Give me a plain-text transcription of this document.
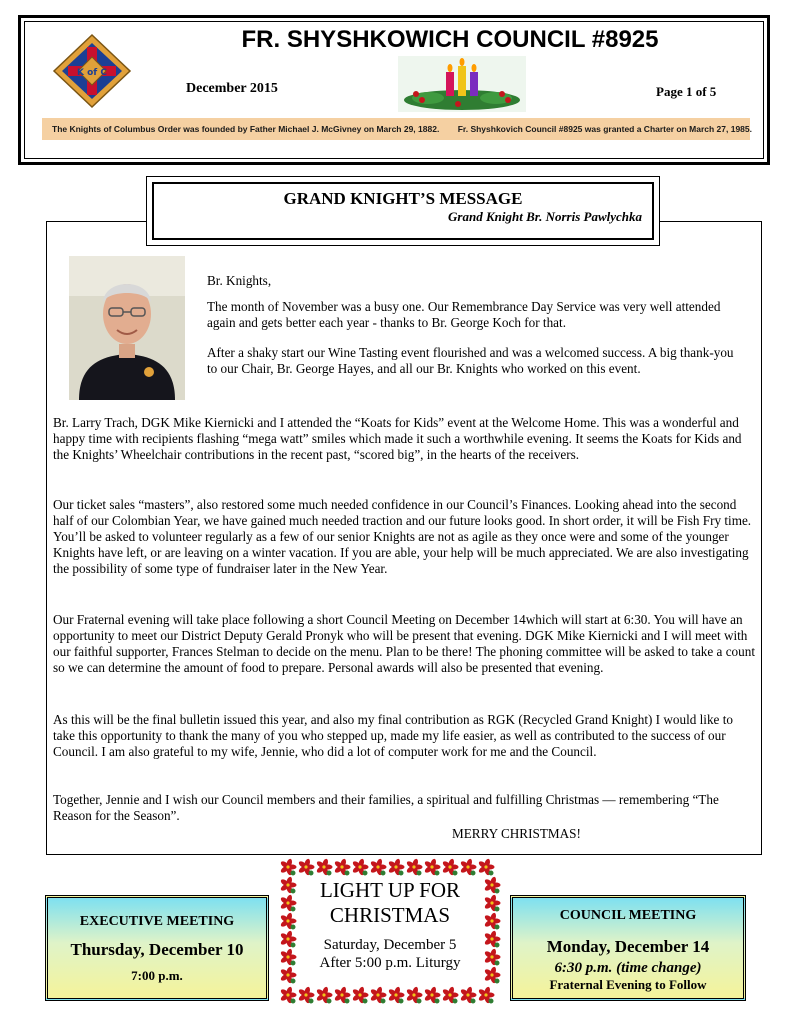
K of C
FR. SHYSHKOWICH COUNCIL #8925
December 2015	Page 1 of 5
The Knights of Columbus Order was founded by Father Michael J. McGivney on March 29, 1882. Fr. Shyshkovich Council #8925 was granted a Charter on March 27, 1985.
GRAND KNIGHT’S MESSAGE
Grand Knight Br. Norris Pawlychka
Br. Knights,
The month of November was a busy one. Our Remembrance Day Service was very well attended again and gets better each year - thanks to Br. George Koch for that.
After a shaky start our Wine Tasting event flourished and was a welcomed success. A big thank-you to our Chair, Br. George Hayes, and all our Br. Knights who worked on this event.
Br. Larry Trach, DGK Mike Kiernicki and I attended the “Koats for Kids” event at the Welcome Home. This was a wonderful and happy time with recipients flashing “mega watt” smiles which made it such a worthwhile evening. It seems the Koats for Kids and the Knights’ Wheelchair contributions in the recent past, “scored big”, in the hearts of the receivers.
Our ticket sales “masters”, also restored some much needed confidence in our Council’s Finances. Looking ahead into the second half of our Colombian Year, we have gained much needed traction and our future looks good. In short order, it will be Fish Fry time. You’ll be asked to volunteer regularly as a few of our senior Knights are not as agile as they once were and some of the younger Knights have left, or are leaving on a winter vacation. If you are able, your help will be much appreciated. We are also investigating the possibility of some type of fundraiser later in the New Year.
Our Fraternal evening will take place following a short Council Meeting on December 14which will start at 6:30. You will have an opportunity to meet our District Deputy Gerald Pronyk who will be present that evening. DGK Mike Kiernicki and I will meet with our faithful supporter, Frances Stelman to decide on the menu. Plan to be there! The phoning committee will be asked to take a count so we can determine the amount of food to prepare. Personal awards will also be presented that evening.
As this will be the final bulletin issued this year, and also my final contribution as RGK (Recycled Grand Knight) I would like to take this opportunity to thank the many of you who stepped up, made my life easier, as well as contributed to the success of our Council. I am also grateful to my wife, Jennie, who did a lot of computer work for me and the Council.
Together, Jennie and I wish our Council members and their families, a spiritual and fulfilling Christmas — remembering “The Reason for the Season”.
MERRY CHRISTMAS!
EXECUTIVE MEETING
Thursday, December 10
7:00 p.m.
LIGHT UP FOR CHRISTMAS
Saturday, December 5
After 5:00 p.m. Liturgy
COUNCIL MEETING
Monday, December 14
6:30 p.m. (time change)
Fraternal Evening to Follow
